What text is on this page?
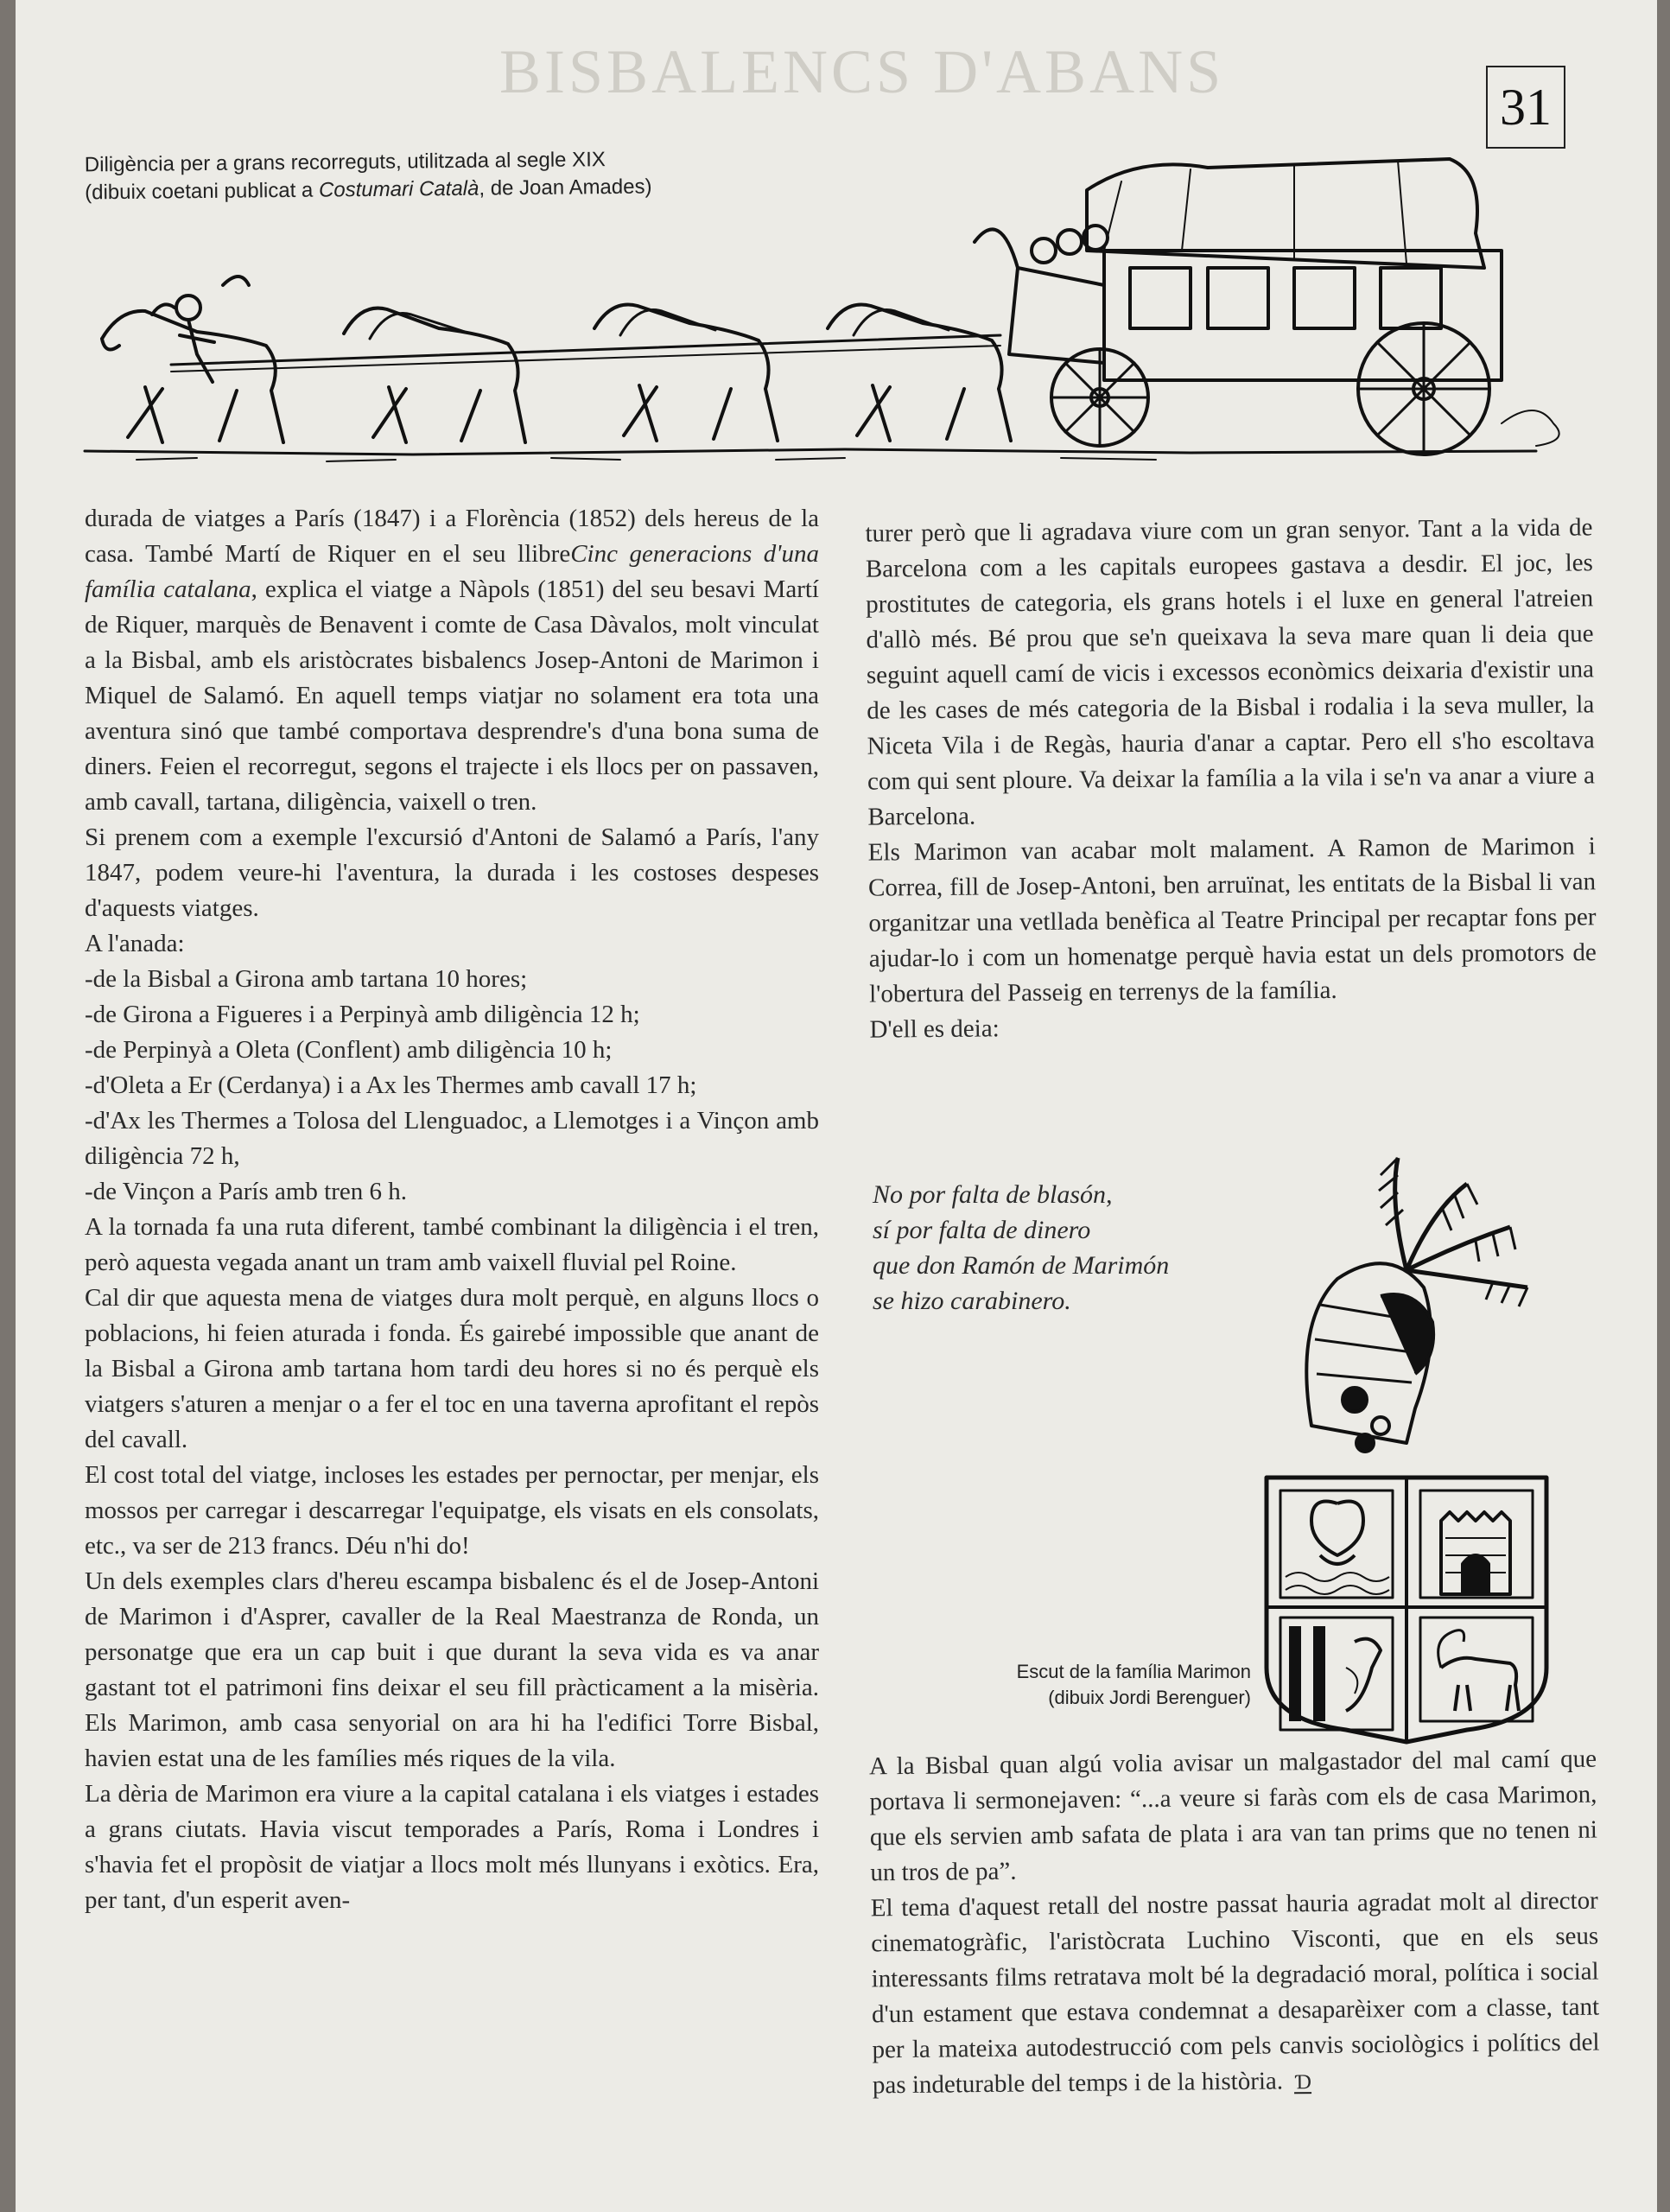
BISBALENCS D'ABANS
31
Diligència per a grans recorreguts, utilitzada al segle XIX
(dibuix coetani publicat a Costumari Català, de Joan Amades)

durada de viatges a París (1847) i a Florència (1852) dels hereus de la casa. També Martí de Riquer en el seu llibreCinc generacions d'una família catalana, explica el viatge a Nàpols (1851) del seu besavi Martí de Riquer, marquès de Benavent i comte de Casa Dàvalos, molt vinculat a la Bisbal, amb els aristòcrates bisbalencs Josep-Antoni de Marimon i Miquel de Salamó. En aquell temps viatjar no solament era tota una aventura sinó que també comportava desprendre's d'una bona suma de diners. Feien el recorregut, segons el trajecte i els llocs per on passaven, amb cavall, tartana, diligència, vaixell o tren.

Si prenem com a exemple l'excursió d'Antoni de Salamó a París, l'any 1847, podem veure-hi l'aventura, la durada i les costoses despeses d'aquests viatges.

A l'anada:

-de la Bisbal a Girona amb tartana 10 hores;

-de Girona a Figueres i a Perpinyà amb diligència 12 h;

-de Perpinyà a Oleta (Conflent) amb diligència 10 h;

-d'Oleta a Er (Cerdanya) i a Ax les Thermes amb cavall 17 h;

-d'Ax les Thermes a Tolosa del Llenguadoc, a Llemotges i a Vinçon amb diligència 72 h,

-de Vinçon a París amb tren 6 h.

A la tornada fa una ruta diferent, també combinant la diligència i el tren, però aquesta vegada anant un tram amb vaixell fluvial pel Roine.

Cal dir que aquesta mena de viatges dura molt perquè, en alguns llocs o poblacions, hi feien aturada i fonda. És gairebé impossible que anant de la Bisbal a Girona amb tartana hom tardi deu hores si no és perquè els viatgers s'aturen a menjar o a fer el toc en una taverna aprofitant el repòs del cavall.

El cost total del viatge, incloses les estades per pernoctar, per menjar, els mossos per carregar i descarregar l'equipatge, els visats en els consolats, etc., va ser de 213 francs. Déu n'hi do!

Un dels exemples clars d'hereu escampa bisbalenc és el de Josep-Antoni de Marimon i d'Asprer, cavaller de la Real Maestranza de Ronda, un personatge que era un cap buit i que durant la seva vida es va anar gastant tot el patrimoni fins deixar el seu fill pràcticament a la misèria. Els Marimon, amb casa senyorial on ara hi ha l'edifici Torre Bisbal, havien estat una de les famílies més riques de la vila.

La dèria de Marimon era viure a la capital catalana i els viatges i estades a grans ciutats. Havia viscut temporades a París, Roma i Londres i s'havia fet el propòsit de viatjar a llocs molt més llunyans i exòtics. Era, per tant, d'un esperit aven-

turer però que li agradava viure com un gran senyor. Tant a la vida de Barcelona com a les capitals europees gastava a desdir. El joc, les prostitutes de categoria, els grans hotels i el luxe en general l'atreien d'allò més. Bé prou que se'n queixava la seva mare quan li deia que seguint aquell camí de vicis i excessos econòmics deixaria d'existir una de les cases de més categoria de la Bisbal i rodalia i la seva muller, la Niceta Vila i de Regàs, hauria d'anar a captar. Pero ell s'ho escoltava com qui sent ploure. Va deixar la família a la vila i se'n va anar a viure a Barcelona.

Els Marimon van acabar molt malament. A Ramon de Marimon i Correa, fill de Josep-Antoni, ben arruïnat, les entitats de la Bisbal li van organitzar una vetllada benèfica al Teatre Principal per recaptar fons per ajudar-lo i com un homenatge perquè havia estat un dels promotors de l'obertura del Passeig en terrenys de la família.

D'ell es deia:

No por falta de blasón,

sí por falta de dinero

que don Ramón de Marimón

se hizo carabinero.

Escut de la família Marimon
(dibuix Jordi Berenguer)

A la Bisbal quan algú volia avisar un malgastador del mal camí que portava li sermonejaven: “...a veure si faràs com els de casa Marimon, que els servien amb safata de plata i ara van tan prims que no tenen ni un tros de pa”.

El tema d'aquest retall del nostre passat hauria agradat molt al director cinematogràfic, l'aristòcrata Luchino Visconti, que en els seus interessants films retratava molt bé la degradació moral, política i social d'un estament que estava condemnat a desaparèixer com a classe, tant per la mateixa autodestrucció com pels canvis sociològics i polítics del pas indeturable del temps i de la història. Ɗ
